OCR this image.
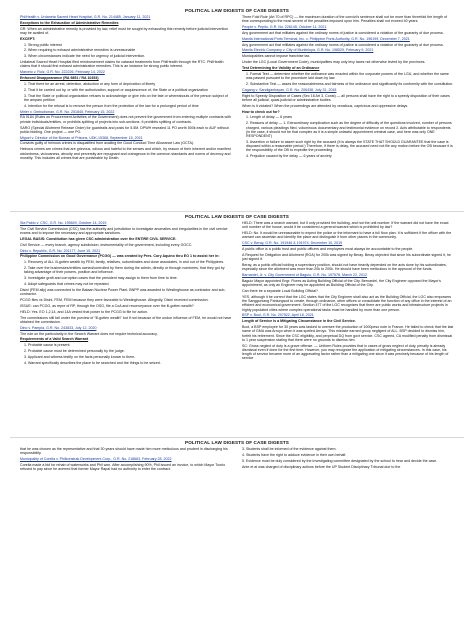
POLITICAL LAW DIGESTS OF CASE DIGESTS

PhilHealth v. Urdaneta Sacred Heart Hospital, G.R. No. 214485, January 11, 2021

Exceptions to the Exhaustion of Administrative Remedies

GR: When an administrative remedy is provided by law, relief must be sought by exhausting this remedy before judicial intervention may be availed of.

EXCEPT:

1. Strong public interest

2. When requiring to exhaust administrative remedies is unreasonable

3. When circumstances indicate the need for urgency of judicial intervention.

Unilateral Sacred Heart Hospital filed reimbursement claims for cataract treatments from PhilHealth through the RTC. PhilHealth claims that it should first exhaust administrative remedies. This is an instance for strong public interest.

Marcelo v. Ruiz, G.R. No. 222226, February 14, 2022

Enforced Disappearance (RA 9851 / RA 10353)

1. That there be an arrest, detention, abduction or any form of deprivation of liberty

2. That it be carried out by, or with the authorization, support or acquiescence of, the State or a political organization

3. That the State or political organization refuses to acknowledge or give info on the fate or whereabouts of the person subject of the amparo petition

4. Intention for the refusal is to remove the person from the protection of the law for a prolonged period of time

Mirler v. Ombudsman, G.R. No. 251845, February 15, 2022

RA 9184 (Rules on Procurement Activities of the Government) does not prevent the government from entering multiple contracts with private individuals/entities, or prohibits splitting of projects into sub-sections. It prohibits splitting of contracts.

SARO (Special Allotment Release Order) for guardrails and posts for 5.5M. DPWH resealed 11 PO worth 500k each to AUF without public bidding. One project — one PO.

Miguel v. Director of the Bureau of Prisons, UDK-15368, September 15, 2021

Convicts guilty of heinous crimes is disqualified from availing the Good Conduct Time Allowance Law (GCTA).

Heinous crimes are crimes that are grievous, odious and hateful to the senses and which, by reason of their inherent and/or manifest wickedness, viciousness, atrocity and perversity are repugnant and outrageous to the common standards and norms of decency and morality. This includes all crimes that are punishable by Death.

Three Fold Rule (Art 70 of RPC) — the maximum duration of the convict's sentence shall not be more than threefold the length of time corresponding to the most severe of the penalties imposed upon him. Penalties shall not exceed 40 years.

People v. Pepito, G.R. No. 226145, October 11, 2021

Any government act that militates against the ordinary norms of justice is considered a violation of the guaranty of due process.

Manila International Ports Terminal, Inc. v. Philippine Ports Authority, G.R. No. 196199, December 7, 2021

Any government act that militates against the ordinary norms of justice is considered a violation of the guaranty of due process.

Manila Electric Company v. City of Muntinlupa, G.R. No. 198529, February 9, 2021

Municipalities cannot impose franchise tax.

Under the LGC (Local Government Code), municipalities may only levy taxes not otherwise levied by the provinces.

Test Determining the Validity of an Ordinance

1. Formal Test — determine whether the ordinance was enacted within the corporate powers of the LGU, and whether the same was passed pursuant to the procedure laid down by law.

2. Substantive Test — asses the reasonableness and fairness of the ordinance and significantly its conformity with the constitution.

Cagang v. Sandiganbayan, G.R. No. 206438, July 31, 2018

Right to Speedy Disposition of Cases (Sec 16 Art 3, Const) — all persons shall have the right to a speedy disposition of their cases before all judicial, quasi-judicial or administrative bodies.

When is it violated? When the proceedings are attended by vexatious, capricious and oppressive delays.

How to check out for?

1. Length of delay — 6 years

2. Reasons of delay — 1. Extraordinary complication such as the degree of difficulty of the questions involved, number of persons charged, various pleadings filed, voluminous documentary and testimonial evidence on record 2. Acts attributable to respondents (in the case, it should not be that complex as it is a simple unlawful appointment criminal case, and here was only ONE RESPONDENT)

3. Assertion or failure to assert such right by the accused (It is always the STATE THAT SHOULD GUARANTEE that the case is disposed within a reasonable period.) Therefore, if there is delay, the accused need not file any motion before the OB because it is the responsibility of the OB to expedite the proceeding.

4. Prejudice caused by the delay — 6 years of anxiety

POLITICAL LAW DIGESTS OF CASE DIGESTS

Sta Pablo v. CSC, G.R. No. 195849, October 14, 2019

The Civil Service Commission (CSC) has the authority and jurisdiction to investigate anomalies and irregularities in the civil service exams and to impose the necessary and appropriate sanctions.

LEGAL BASIS: Constitution has given CSC administration over the ENTIRE CIVIL SERVICE.

Civil Service — every branch, agency subdivision, instrumentality of the government, including every GOCC.

Dinio v. Republic, G.R. No. 201177, June 15, 2021

Philippine Commission on Good Governance (PCGG) — was created by Pres. Cory Aquino thru EO 1 to assist her in:

1. Recovery of ALL ill-gotten wealth by FEM, family, relatives, subordinates and close associates, in and out of the Philippines.

2. Take over the businesses/entities owned/controlled by them during the admin, directly or through nominees, that they got by taking advantage of their powers, position and influence.

3. Investigate graft and corruption cases that the president may assign to them from time to time.

4. Adopt safeguards that crimes may not be repeated.

Disini (FEM ally) was connected to the Bataan Nuclear Power Plant. BNPP was awarded to Westinghouse as contractor and sub-contractor.

PCGG files vs Disini, FEM, FEM because they were favorable to Westinghouse. Allegedly, Disini received commission.

ISSUE: can PCGG, as repre of RP, through the OSG, file a CoA and reconveyance over the ill-gotten wealth?

HELD: Yes. EO 1,2,14, and 14A vested that power to the PCGG to file for action.

The commissions still fall under the purview of "ill-gotten wealth" but if not because of the undue influence of FEM, he would not have obtained the commission.

Dino v. Pampia, G.R. No. 243833, July 12, 2020

The rule on the particularity in the Search Warrant does not require technical accuracy.

Requirements of a Valid Search Warrant

1. Probable cause is present.

2. Probable cause must be determined personally by the judge.

3. Applicant and witness testify on the facts personally known to them.

4. Warrant specifically describes the place to be searched and the things to be seized.

HELD: There was a search warrant, but it only provided the building, and not the unit number. If the warrant did not have the exact unit number of the house, would it be considered a general warrant which is prohibited by law?

HELD: No. It would be unreasonable to expect the police or the informant to have a full floor plan. It is sufficient if the officer with the warrant can ascertain and identify the place and distinguish it from other places in the community.

CSC v. Beray, G.R. No. 191946 & 191974, December 10, 2019

A public office is a public trust and public officers and employees must always be accountable to the people.

A Request for Obligation and Allotment (ROA) for 200k was signed by Beray. Beray objected that since his subordinate signed it, he just signed it.

Beray, as a public official holding a supervisory position, should not have heavily depended on the acts done by his subordinates, especially since the allotment was more than 20k to 200k. He should have been meticulous in the approval of the funds.

Barnardel, Jr. v. City Government of Baguio, G.R. No. 197578, March 22, 2012

Baguio Mayor appointed Engr. Flores as Acting Building Official of the City. Bernardel, the City Engineer opposed the Mayor's appointment, as only an Engineer may be appointed as Building Official of the City.

Can there be a separate Local Building Official?

YES, although it be correct that the LGC states that the City Engineer shall also act as the Building Official, the LGC also empowers the Sangguniang Panlungsod to create, through ordinance, other offices or consolidate the function of any office in the interest of an efficient and economical government. Section 477 of the LGC recognizes that there are public works and infrastructure projects in highly populated cities where complex operational tasks must be handled by more than one person.

BSP v. Bool, G.R. No. 207522, April 18, 2021

Length of Service is a Mitigating Circumstance in the Civil Service.

Bool, a BSP employee for 30 years was tasked to oversee the production of 1000peso note in France. He failed to check that the last name of GMA was Arroyo when it was spelled Arroyo. This mistake earned group negligent of ALL. BSP decided to dismiss him, forfeit his retirement. Since the CSC eligibility, and perpetual DQ from govt service. CSC agreed, CA modified penalty from dismissal to 1 year suspension stating that there were no grounds to dismiss him.

SC: Gross neglect of duty is a grave offense. — Uniform Rules provides that in cases of gross neglect of duty, penalty is already dismissal even if done for the first time. However, you may recognize the application of mitigating circumstances. In this case, his length of service became more of an aggravating factor rather than a mitigating one since it was precisely because of his length of service

POLITICAL LAW DIGESTS OF CASE DIGESTS

that he was chosen as the representative and that 30 years should have made him more meticulous and prudent in discharging his responsibility.

Municipality of Corella v. Philkonstrak Development Corp., G.R. No. 218663, February 28, 2022

Corella made a bid for rehab of waterworks and Phil won. After accomplishing 90%, Phil issued an invoice, to which Mayor Toorio refused to pay since he averred that former Mayor Rapal had no authority to enter the contract.

3. Students shall be informed of the evidence against them.

4. Students have the right to adduce evidence in their own behalf.

5. Evidence must be duly considered by the investigating committee designated by the school to hear and decide the case.

Ante et al was charged of disciplinary actions before the UP Student Disciplinary Tribunal due to the
